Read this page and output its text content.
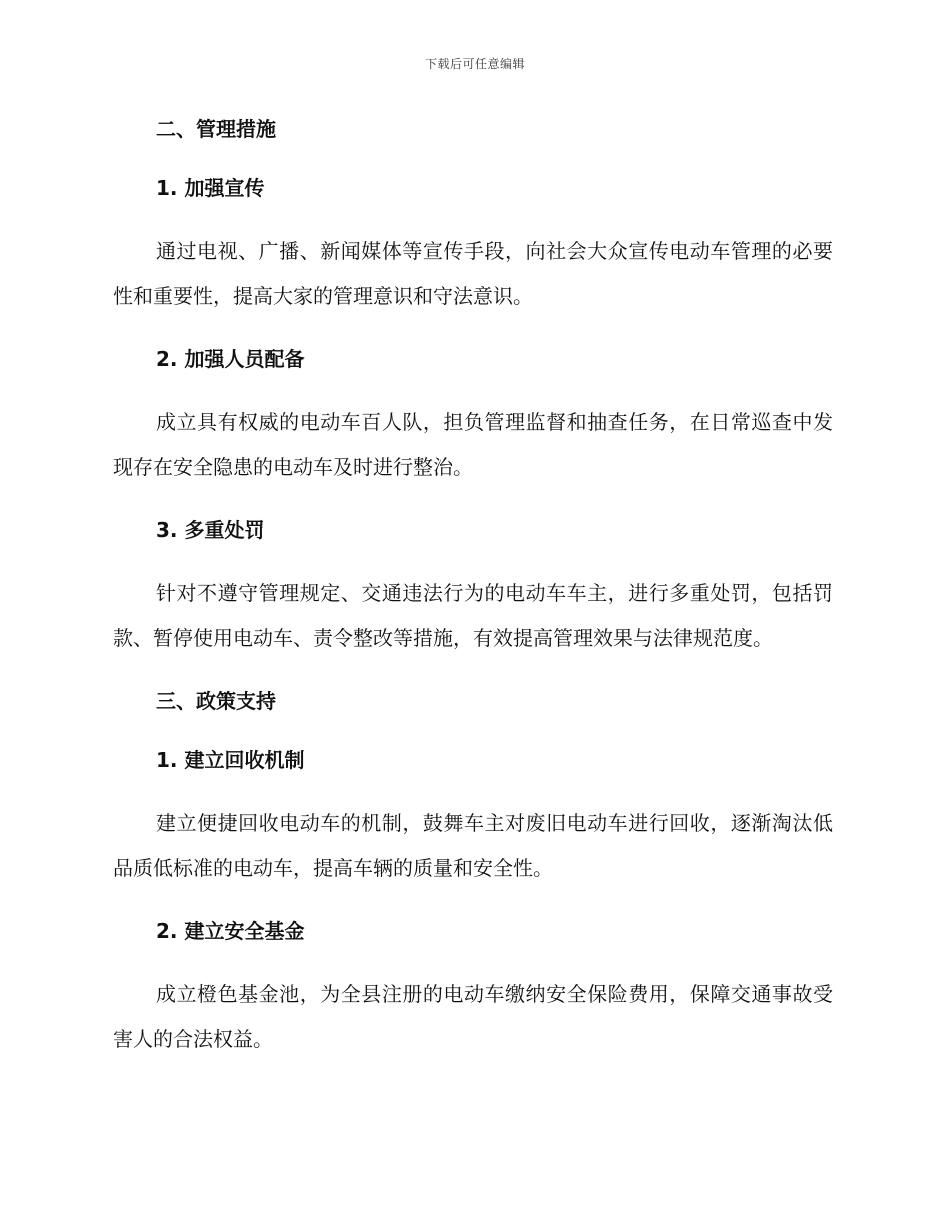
下载后可任意编辑

二、管理措施

1. 加强宣传

通过电视、广播、新闻媒体等宣传手段，向社会大众宣传电动车管理的必要性和重要性，提高大家的管理意识和守法意识。

2. 加强人员配备

成立具有权威的电动车百人队，担负管理监督和抽查任务，在日常巡查中发现存在安全隐患的电动车及时进行整治。

3. 多重处罚

针对不遵守管理规定、交通违法行为的电动车车主，进行多重处罚，包括罚款、暂停使用电动车、责令整改等措施，有效提高管理效果与法律规范度。

三、政策支持

1. 建立回收机制

建立便捷回收电动车的机制，鼓舞车主对废旧电动车进行回收，逐渐淘汰低品质低标准的电动车，提高车辆的质量和安全性。

2. 建立安全基金

成立橙色基金池，为全县注册的电动车缴纳安全保险费用，保障交通事故受害人的合法权益。
